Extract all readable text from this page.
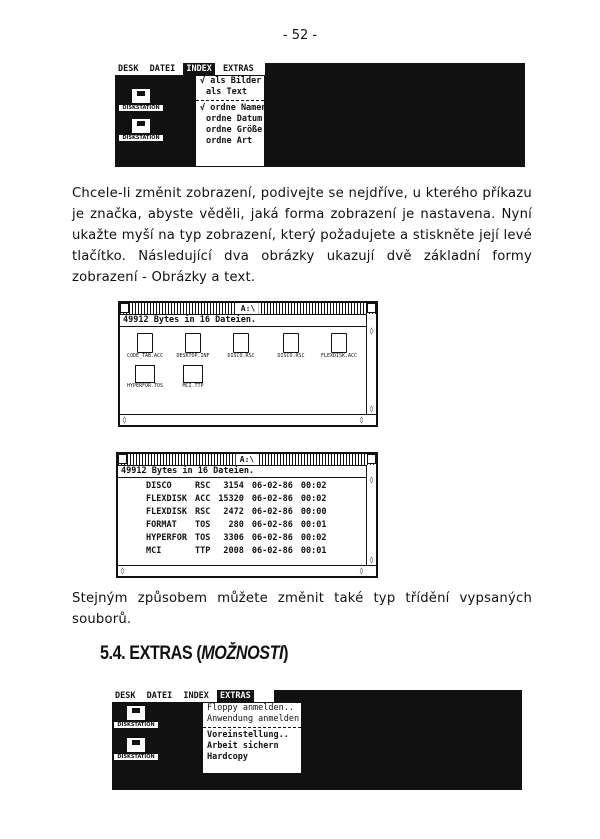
- 52 -
DESK DATEI INDEX EXTRAS
√ als Bilder
als Text
√ ordne Namen
ordne Datum
ordne Größe
ordne Art
DISKSTATION
DISKSTATION
Chcele-li změnit zobrazení, podivejte se nejdříve, u kterého příkazu je značka, abyste věděli, jaká forma zobrazení je nastavena. Nyní ukažte myší na typ zobrazení, který požadujete a stiskněte její levé tlačítko. Následující dva obrázky ukazují dvě základní formy zobrazení - Obrázky a text.
A:\
49912 Bytes in 16 Dateien.
CODE_TAB.ACC	DESKTOP.INF	DISCO.RSC	DISCO.RSC	FLEXDISK.ACC
HYPERFOR.TOS	MCI.TTP
◊
◊
◊	◊
A:\
49912 Bytes in 16 Dateien.
DISCO	RSC	3154	06-02-86	00:02
FLEXDISK	ACC	15320	06-02-86	00:02
FLEXDISK	RSC	2472	06-02-86	00:00
FORMAT	TOS	280	06-02-86	00:01
HYPERFOR	TOS	3306	06-02-86	00:02
MCI	TTP	2008	06-02-86	00:01
◊
◊
◊	◊
Stejným způsobem můžete změnit také typ třídění vypsaných souborů.
5.4. EXTRAS (MOŽNOSTI)
DESK DATEI INDEX EXTRAS
Floppy anmelden..
Anwendung anmelden
Voreinstellung..
Arbeit sichern
Hardcopy
DISKSTATION
DISKSTATION
